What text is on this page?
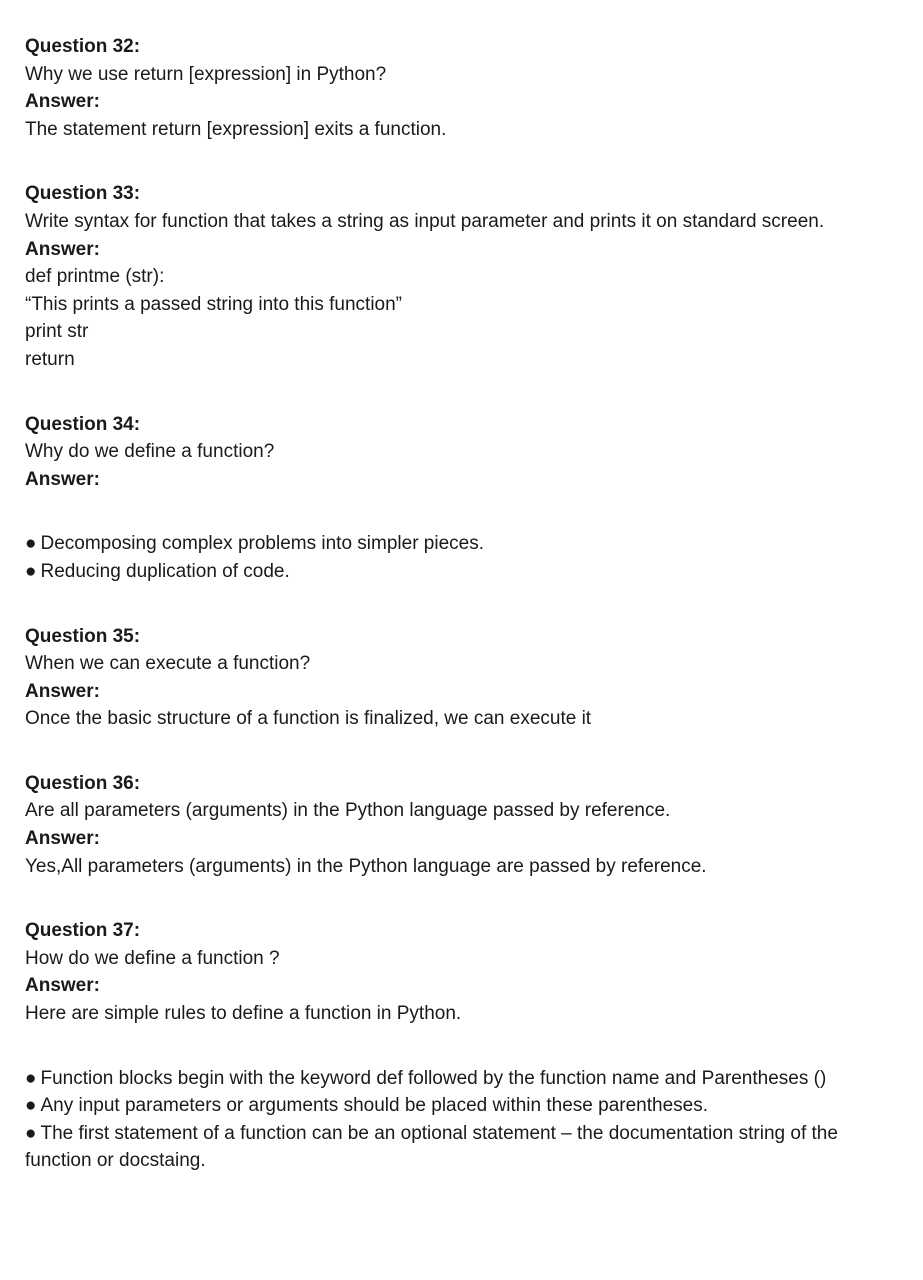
Question 32:

Why we use return [expression] in Python?

Answer:

The statement return [expression] exits a function.

Question 33:

Write syntax for function that takes a string as input parameter and prints it on standard screen.

Answer:

def printme (str):

“This prints a passed string into this function”

print str

return

Question 34:

Why do we define a function?

Answer:

● Decomposing complex problems into simpler pieces.
● Reducing duplication of code.

Question 35:

When we can execute a function?

Answer:

Once the basic structure of a function is finalized, we can execute it

Question 36:

Are all parameters (arguments) in the Python language passed by reference.

Answer:

Yes,All parameters (arguments) in the Python language are passed by reference.

Question 37:

How do we define a function ?

Answer:

Here are simple rules to define a function in Python.

● Function blocks begin with the keyword def followed by the function name and Parentheses ()
● Any input parameters or arguments should be placed within these parentheses.
● The first statement of a function can be an optional statement – the documentation string of the function or docstaing.
